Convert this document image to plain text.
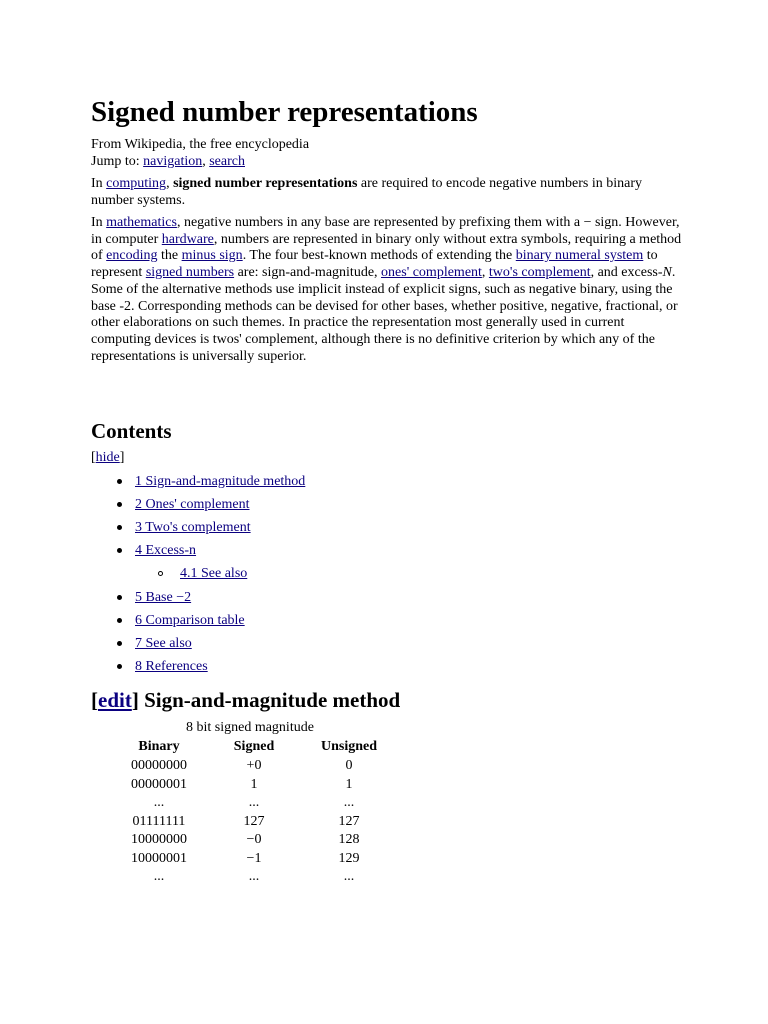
Signed number representations
From Wikipedia, the free encyclopedia
Jump to: navigation, search

In computing, signed number representations are required to encode negative numbers in binary number systems.

In mathematics, negative numbers in any base are represented by prefixing them with a − sign. However, in computer hardware, numbers are represented in binary only without extra symbols, requiring a method of encoding the minus sign. The four best-known methods of extending the binary numeral system to represent signed numbers are: sign-and-magnitude, ones' complement, two's complement, and excess-N. Some of the alternative methods use implicit instead of explicit signs, such as negative binary, using the base -2. Corresponding methods can be devised for other bases, whether positive, negative, fractional, or other elaborations on such themes. In practice the representation most generally used in current computing devices is twos' complement, although there is no definitive criterion by which any of the representations is universally superior.

Contents
[hide]
1 Sign-and-magnitude method
2 Ones' complement
3 Two's complement
4 Excess-n
4.1 See also
5 Base −2
6 Comparison table
7 See also
8 References
[edit] Sign-and-magnitude method
8 bit signed magnitude
Binary	Signed	Unsigned
00000000	+0	0
00000001	1	1
...	...	...
01111111	127	127
10000000	−0	128
10000001	−1	129
...	...	...
